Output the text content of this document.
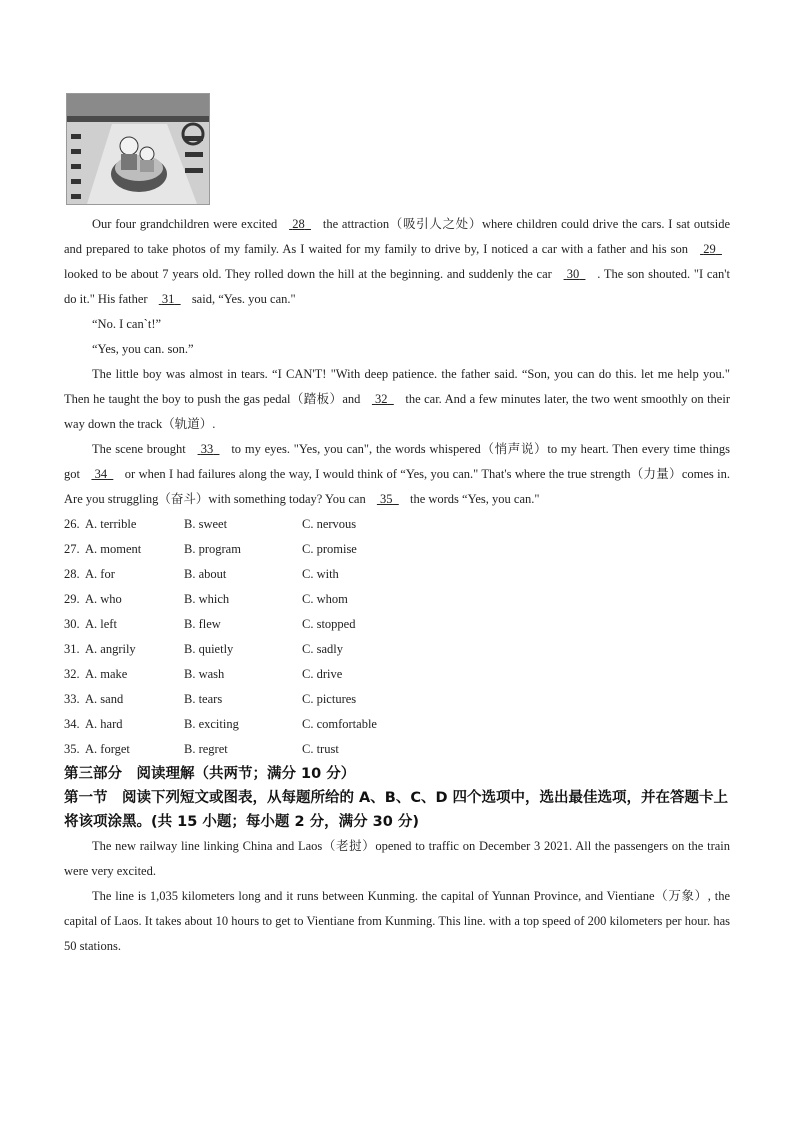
Our four grandchildren were excited 28 the attraction（吸引人之处）where children could drive the cars. I sat outside and prepared to take photos of my family. As I waited for my family to drive by, I noticed a car with a father and his son 29 looked to be about 7 years old. They rolled down the hill at the beginning. and suddenly the car 30 . The son shouted. "I can't do it." His father 31 said, “Yes. you can."

“No. I can`t!”

“Yes, you can. son.”

The little boy was almost in tears. “I CAN'T! "With deep patience. the father said. “Son, you can do this. let me help you." Then he taught the boy to push the gas pedal（踏板）and 32 the car. And a few minutes later, the two went smoothly on their way down the track（轨道）.

The scene brought 33 to my eyes. "Yes, you can", the words whispered（悄声说）to my heart. Then every time things got 34 or when I had failures along the way, I would think of “Yes, you can." That's where the true strength（力量）comes in. Are you struggling（奋斗）with something today? You can 35 the words “Yes, you can."

26. A. terrible	B. sweet	C. nervous
27. A. moment	B. program	C. promise
28. A. for	B. about	C. with
29. A. who	B. which	C. whom
30. A. left	B. flew	C. stopped
31. A. angrily	B. quietly	C. sadly
32. A. make	B. wash	C. drive
33. A. sand	B. tears	C. pictures
34. A. hard	B. exciting	C. comfortable
35. A. forget	B. regret	C. trust

第三部分　阅读理解（共两节；满分 10 分）

第一节　阅读下列短文或图表，从每题所给的 A、B、C、D 四个选项中，选出最佳选项，并在答题卡上将该项涂黑。(共 15 小题；每小题 2 分，满分 30 分)

The new railway line linking China and Laos（老挝）opened to traffic on December 3 2021. All the passengers on the train were very excited.

The line is 1,035 kilometers long and it runs between Kunming. the capital of Yunnan Province, and Vientiane（万象）, the capital of Laos. It takes about 10 hours to get to Vientiane from Kunming. This line. with a top speed of 200 kilometers per hour. has 50 stations.
